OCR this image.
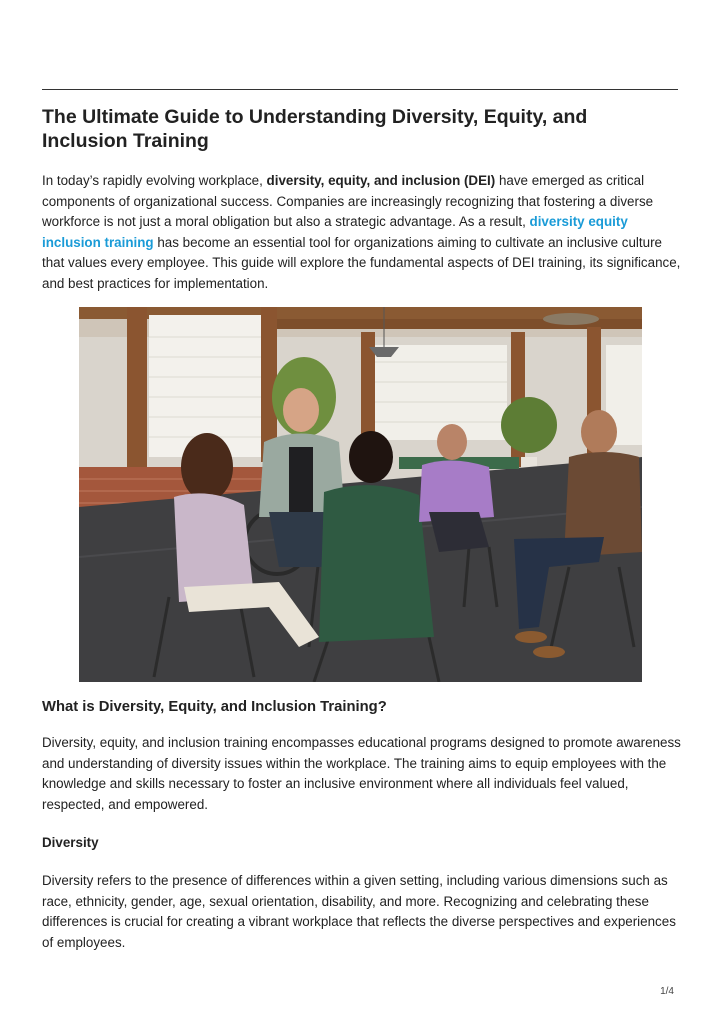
The Ultimate Guide to Understanding Diversity, Equity, and Inclusion Training

In today’s rapidly evolving workplace, diversity, equity, and inclusion (DEI) have emerged as critical components of organizational success. Companies are increasingly recognizing that fostering a diverse workforce is not just a moral obligation but also a strategic advantage. As a result, diversity equity inclusion training has become an essential tool for organizations aiming to cultivate an inclusive culture that values every employee. This guide will explore the fundamental aspects of DEI training, its significance, and best practices for implementation.

What is Diversity, Equity, and Inclusion Training?

Diversity, equity, and inclusion training encompasses educational programs designed to promote awareness and understanding of diversity issues within the workplace. The training aims to equip employees with the knowledge and skills necessary to foster an inclusive environment where all individuals feel valued, respected, and empowered.

Diversity

Diversity refers to the presence of differences within a given setting, including various dimensions such as race, ethnicity, gender, age, sexual orientation, disability, and more. Recognizing and celebrating these differences is crucial for creating a vibrant workplace that reflects the diverse perspectives and experiences of employees.

1/4
